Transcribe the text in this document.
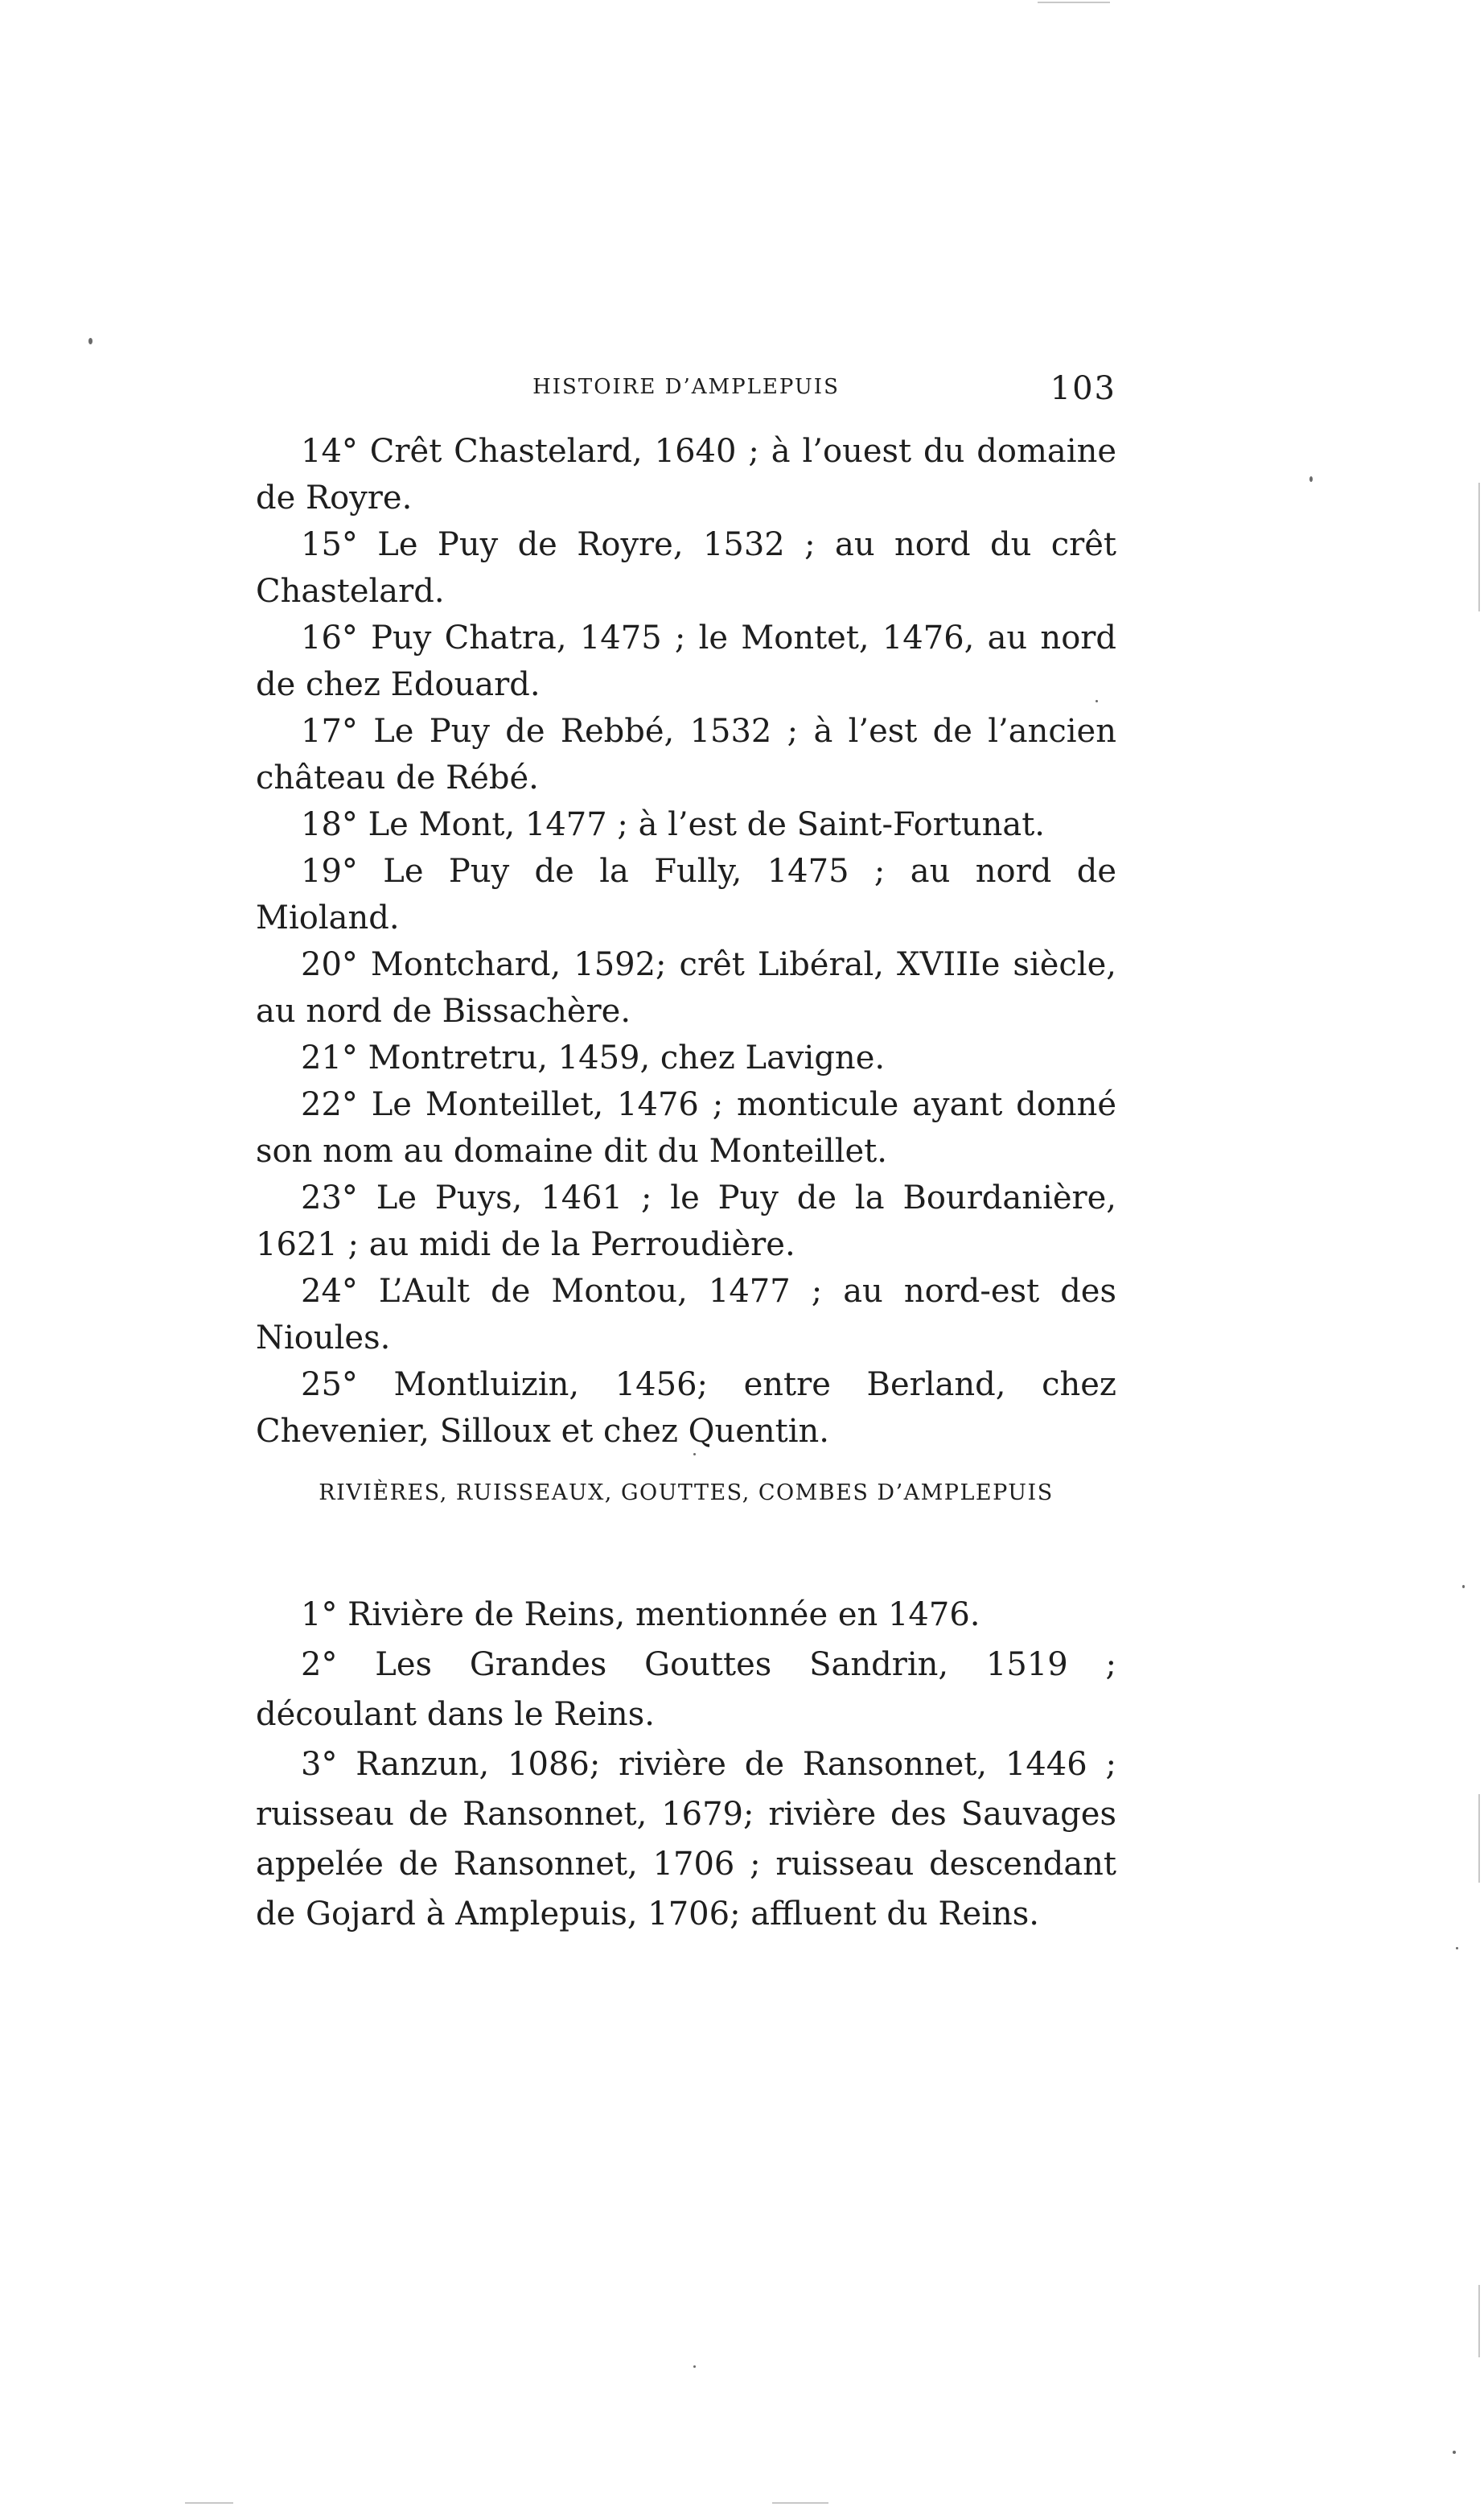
HISTOIRE D’AMPLEPUIS	103

14° Crêt Chastelard, 1640 ; à l’ouest du domaine de Royre.

15° Le Puy de Royre, 1532 ; au nord du crêt Chastelard.

16° Puy Chatra, 1475 ; le Montet, 1476, au nord de chez Edouard.

17° Le Puy de Rebbé, 1532 ; à l’est de l’ancien château de Rébé.

18° Le Mont, 1477 ; à l’est de Saint-Fortunat.

19° Le Puy de la Fully, 1475 ; au nord de Mioland.

20° Montchard, 1592; crêt Libéral, XVIIIe siècle, au nord de Bissachère.

21° Montretru, 1459, chez Lavigne.

22° Le Monteillet, 1476 ; monticule ayant donné son nom au domaine dit du Monteillet.

23° Le Puys, 1461 ; le Puy de la Bourdanière, 1621 ; au midi de la Perroudière.

24° L’Ault de Montou, 1477 ; au nord-est des Nioules.

25° Montluizin, 1456; entre Berland, chez Chevenier, Silloux et chez Quentin.

RIVIÈRES, RUISSEAUX, GOUTTES, COMBES D’AMPLEPUIS

1° Rivière de Reins, mentionnée en 1476.

2° Les Grandes Gouttes Sandrin, 1519 ; découlant dans le Reins.

3° Ranzun, 1086; rivière de Ransonnet, 1446 ; ruisseau de Ransonnet, 1679; rivière des Sauvages appelée de Ransonnet, 1706 ; ruisseau descendant de Gojard à Amplepuis, 1706; affluent du Reins.
